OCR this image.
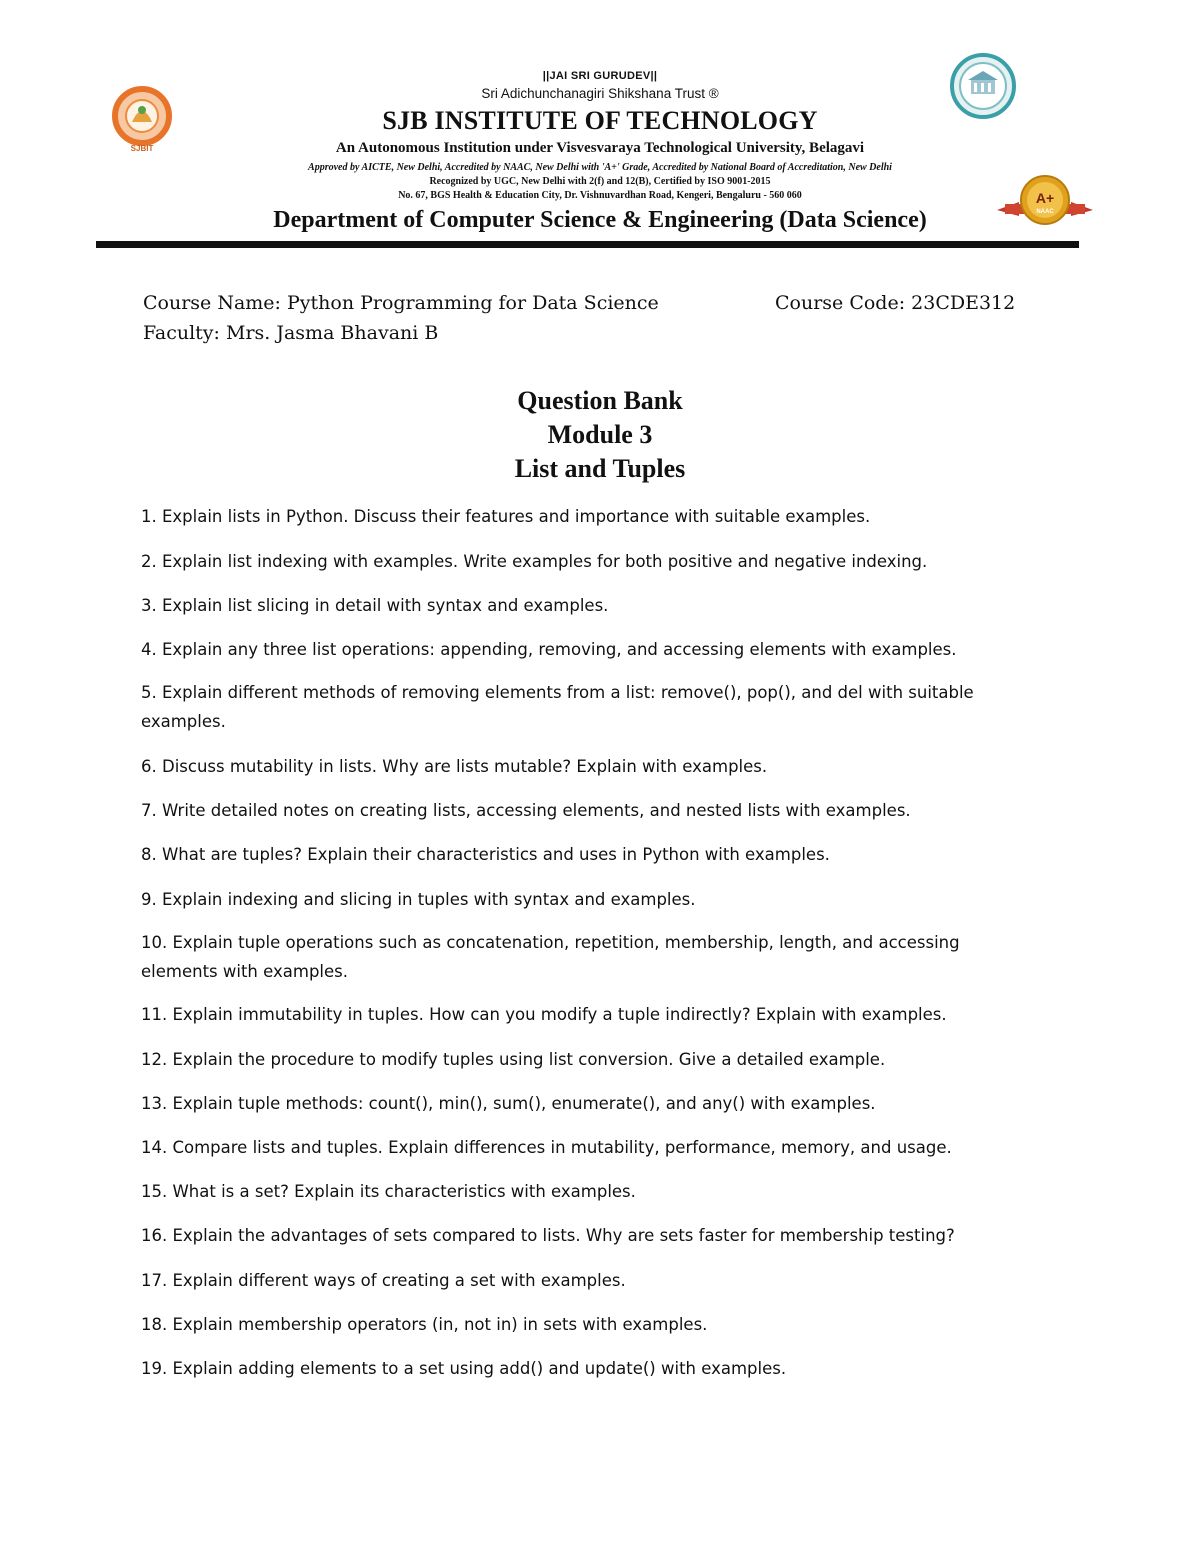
SJBIT
A+
NAAC
||JAI SRI GURUDEV||
Sri Adichunchanagiri Shikshana Trust ®
SJB INSTITUTE OF TECHNOLOGY
An Autonomous Institution under Visvesvaraya Technological University, Belagavi
Approved by AICTE, New Delhi, Accredited by NAAC, New Delhi with 'A+' Grade, Accredited by National Board of Accreditation, New Delhi
Recognized by UGC, New Delhi with 2(f) and 12(B), Certified by ISO 9001-2015
No. 67, BGS Health & Education City, Dr. Vishnuvardhan Road, Kengeri, Bengaluru - 560 060
Department of Computer Science & Engineering (Data Science)
Course Name: Python Programming for Data Science	Course Code: 23CDE312
Faculty: Mrs. Jasma Bhavani B
Question Bank
Module 3
List and Tuples
1. Explain lists in Python. Discuss their features and importance with suitable examples.
2. Explain list indexing with examples. Write examples for both positive and negative indexing.
3. Explain list slicing in detail with syntax and examples.
4. Explain any three list operations: appending, removing, and accessing elements with examples.
5. Explain different methods of removing elements from a list: remove(), pop(), and del with suitable examples.
6. Discuss mutability in lists. Why are lists mutable? Explain with examples.
7. Write detailed notes on creating lists, accessing elements, and nested lists with examples.
8. What are tuples? Explain their characteristics and uses in Python with examples.
9. Explain indexing and slicing in tuples with syntax and examples.
10. Explain tuple operations such as concatenation, repetition, membership, length, and accessing elements with examples.
11. Explain immutability in tuples. How can you modify a tuple indirectly? Explain with examples.
12. Explain the procedure to modify tuples using list conversion. Give a detailed example.
13. Explain tuple methods: count(), min(), sum(), enumerate(), and any() with examples.
14. Compare lists and tuples. Explain differences in mutability, performance, memory, and usage.
15. What is a set? Explain its characteristics with examples.
16. Explain the advantages of sets compared to lists. Why are sets faster for membership testing?
17. Explain different ways of creating a set with examples.
18. Explain membership operators (in, not in) in sets with examples.
19. Explain adding elements to a set using add() and update() with examples.
